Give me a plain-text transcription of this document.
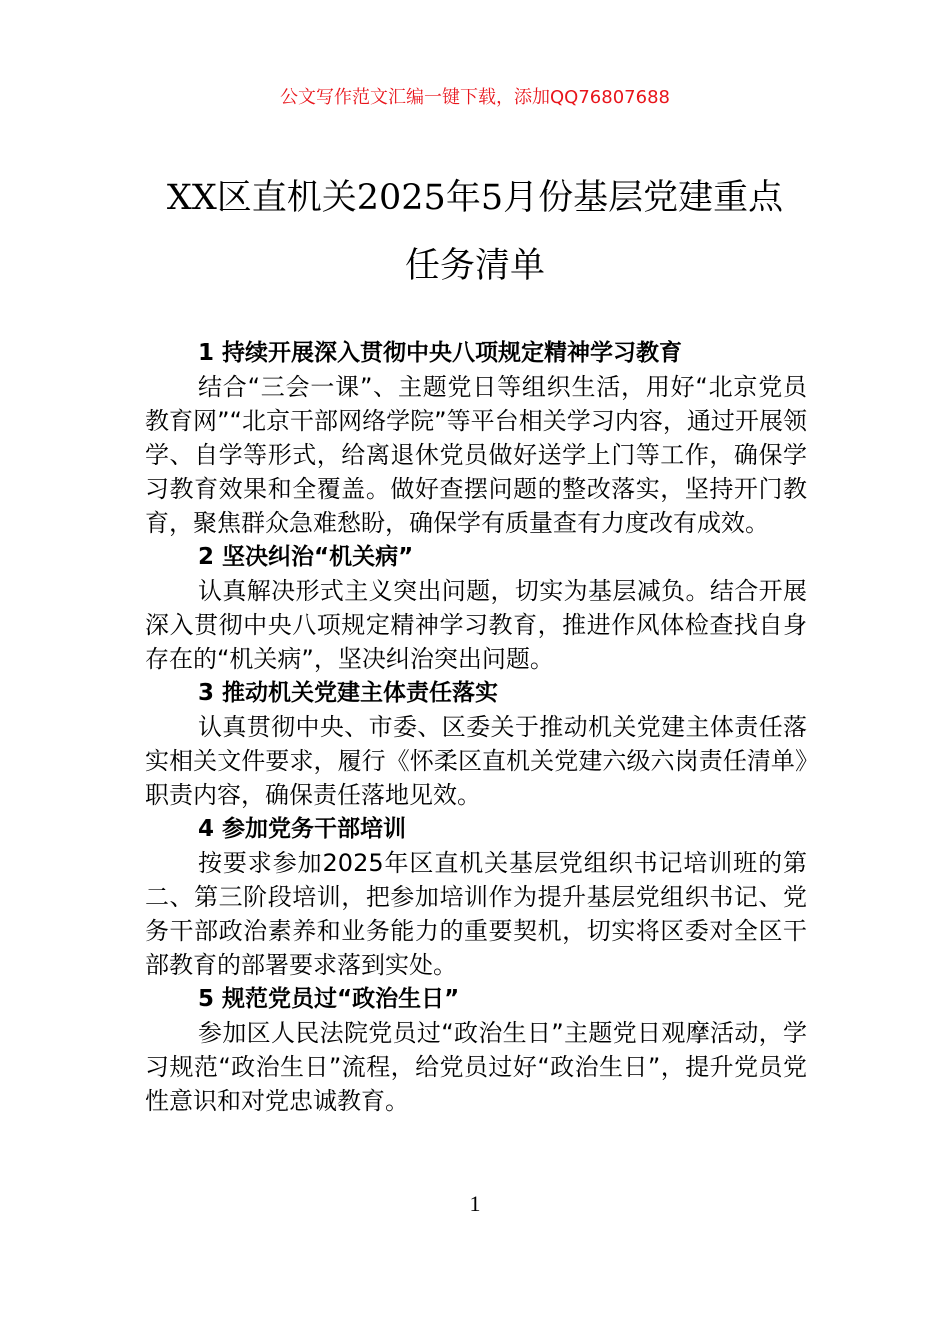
公文写作范文汇编一键下载，添加QQ76807688
XX区直机关2025年5月份基层党建重点
任务清单

1 持续开展深入贯彻中央八项规定精神学习教育

结合“三会一课”、主题党日等组织生活，用好“北京党员教育网”“北京干部网络学院”等平台相关学习内容，通过开展领学、自学等形式，给离退休党员做好送学上门等工作，确保学习教育效果和全覆盖。做好查摆问题的整改落实，坚持开门教育，聚焦群众急难愁盼，确保学有质量查有力度改有成效。

2 坚决纠治“机关病”

认真解决形式主义突出问题，切实为基层减负。结合开展深入贯彻中央八项规定精神学习教育，推进作风体检查找自身存在的“机关病”，坚决纠治突出问题。

3 推动机关党建主体责任落实

认真贯彻中央、市委、区委关于推动机关党建主体责任落实相关文件要求，履行《怀柔区直机关党建六级六岗责任清单》职责内容，确保责任落地见效。

4 参加党务干部培训

按要求参加2025年区直机关基层党组织书记培训班的第二、第三阶段培训，把参加培训作为提升基层党组织书记、党务干部政治素养和业务能力的重要契机，切实将区委对全区干部教育的部署要求落到实处。

5 规范党员过“政治生日”

参加区人民法院党员过“政治生日”主题党日观摩活动，学习规范“政治生日”流程，给党员过好“政治生日”，提升党员党性意识和对党忠诚教育。

1
